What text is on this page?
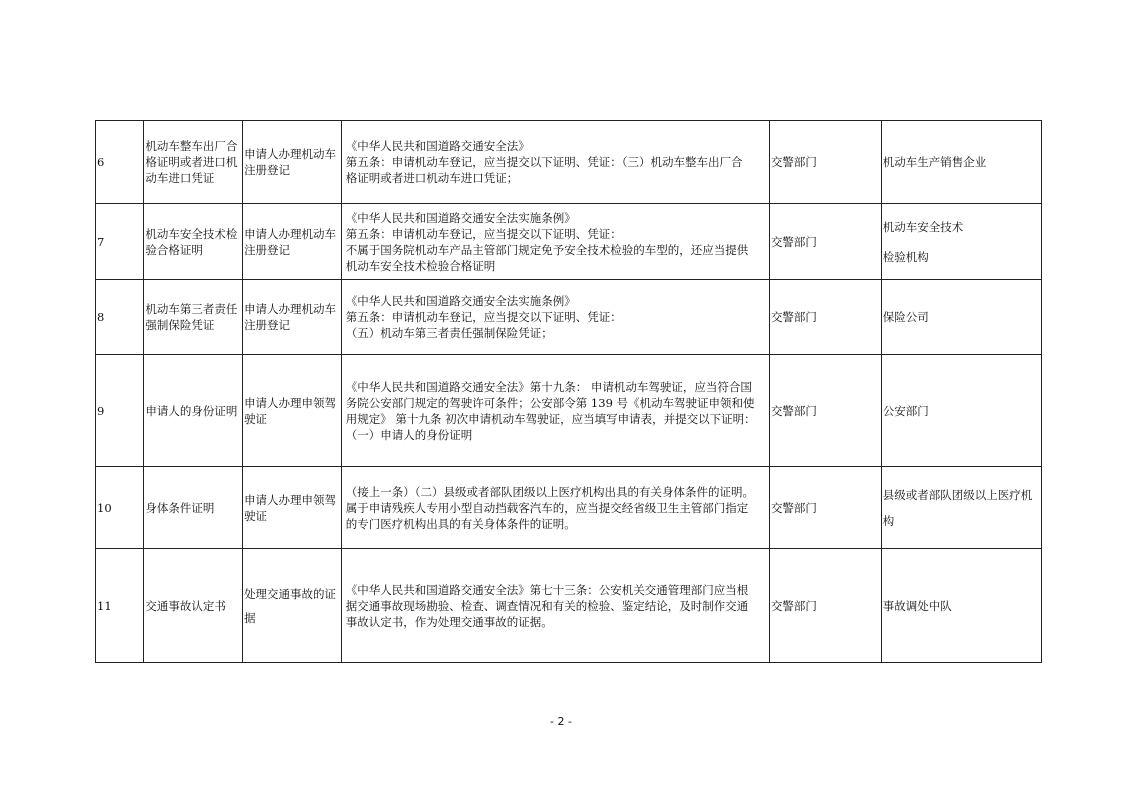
6	机动车整车出厂合
格证明或者进口机
动车进口凭证	申请人办理机动车
注册登记	《中华人民共和国道路交通安全法》
第五条：申请机动车登记，应当提交以下证明、凭证：（三）机动车整车出厂合
格证明或者进口机动车进口凭证；	交警部门	机动车生产销售企业

7	机动车安全技术检
验合格证明	申请人办理机动车
注册登记	《中华人民共和国道路交通安全法实施条例》
第五条：申请机动车登记，应当提交以下证明、凭证：
不属于国务院机动车产品主管部门规定免予安全技术检验的车型的，还应当提供
机动车安全技术检验合格证明	交警部门	机动车安全技术
检验机构

8	机动车第三者责任
强制保险凭证	申请人办理机动车
注册登记	《中华人民共和国道路交通安全法实施条例》
第五条：申请机动车登记，应当提交以下证明、凭证：
（五）机动车第三者责任强制保险凭证；	交警部门	保险公司

9	申请人的身份证明	申请人办理申领驾
驶证	《中华人民共和国道路交通安全法》第十九条： 申请机动车驾驶证，应当符合国
务院公安部门规定的驾驶许可条件；公安部令第 139 号《机动车驾驶证申领和使
用规定》 第十九条 初次申请机动车驾驶证，应当填写申请表，并提交以下证明：
（一）申请人的身份证明	交警部门	公安部门

10	身体条件证明	申请人办理申领驾
驶证	（接上一条）（二）县级或者部队团级以上医疗机构出具的有关身体条件的证明。
属于申请残疾人专用小型自动挡载客汽车的，应当提交经省级卫生主管部门指定
的专门医疗机构出具的有关身体条件的证明。	交警部门	县级或者部队团级以上医疗机
构

11	交通事故认定书	处理交通事故的证
据	《中华人民共和国道路交通安全法》第七十三条：公安机关交通管理部门应当根
据交通事故现场勘验、检查、调查情况和有关的检验、鉴定结论，及时制作交通
事故认定书，作为处理交通事故的证据。	交警部门	事故调处中队
- 2 -
